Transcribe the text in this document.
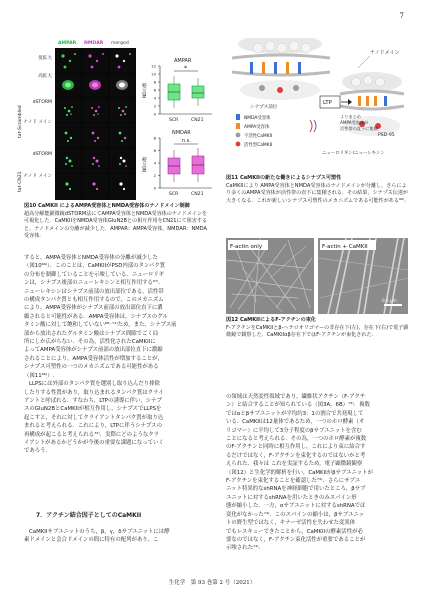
7
AMPAR NMDAR merged
低拡大
高拡大
dSTORM
ナノド メイン
dSTORM
ナノド メイン
tat-Scrambled
tat-CN21
AMPAR
NDの数
0
2
4
6
8
10
12	*
SCR	CN21
NMDAR
NDの数
0
2
4
6
8	n.s.
SCR	CN21
図10 CaMKII によるAMPA受容体とNMDA受容体のナノドメイン制御
超高分解能顕微鏡dSTORM法にてAMPA受容体とNMDA受容体のナノドメインを可視化した．CaMKIIをNMDA受容体GluN2Bとの相互作用をCN21にて阻害すると，ナノドメインの分離が減少した．AMPAR：AMPA受容体，NMDAR：NMDA受容体.
ナノドメイン
LTP
よりまとめ
AMPA受容体が
活性帯の直下に集積
PSD-95
シナプス前位
NMDA受容体
AMPA受容体
不活性CaMKII
活性型CaMKII
ニューロリギン/ニューレキシン
図11 CaMKIIの新たな働きによるシナプス可塑性
CaMKIIにより AMPA受容体とNMDA受容体のナノドメインが分離し，さらにより多くのAMPA受容体が活性帯の直下に集積される．その結果，シナプス伝達が大きくなる．これが新しいシナプス可塑性のメカニズムである可能性がある⁶⁶⁾.
F-actin only	F-actin + CaMKII
0.5 μm
図12 CaMKIIによるF-アクチンの束化
F-アクチンをCaMKIIとβ-ヘテロオリゴマーの非存在下(左)，存在下(右)で電子顕微鏡で観察した．CaMKIIαβ存在下ではF-アクチンが束化された.
すると，AMPA受容体とNMDA受容体の分離が減少した
（図10⁶⁶⁾）．このことは，CaMKIIがPSD内部のタンパク質
の分布を制御していることを示唆している．ニューロリギ
ンは，シナプス後部のニューレキシンと相互作用する⁶⁷⁾．
ニューレキシンはシナプス前部の放出部位である，活性帯
の構成タンパク質とも相互作用するので，このメカニズム
により，AMPA受容体がシナプス前部の放出部位直下に濃
縮されると可能性がある．AMPA受容体は，シナプスのグル
タミン酸に対して飽和していない⁶⁸⁻⁷¹⁾ため，また，シナプス前
部から放出されたグルタミン酸はシナプス間隙でごく局
所にしか広がらない．その為，活性化されたCaMKIIに
よってAMPA受容体がシナプス前部の放出部位直下に濃縮
されることにより，AMPA受容体活性が増加することが，
シナプス可塑性の一つのメカニズムである可能性がある
（図11⁶⁶⁾）.
LLPSには外部のタンパク質を選別し取り込んだり排除
したりする性質があり，取り込まれるタンパク質はクライ
アントと呼ばれる．すなわち，LTPの誘導に伴い，シナプ
スのGluN2BとCaMKIIが相互作用し，シナプスでLLPSを
起こすと，それに対してクライアントタンパク質が取り込
まれると考えられる．これにより，LTPに伴うシナプスの
再構成が起こると考えられる⁷²⁾．実際にどのようなクラ
イアントがあるかどうかが今後の重要な課題になっていく
であろう.
7．アクチン結合因子としてのCaMKII
CaMKIIサブユニットのうち，β，γ，δサブユニットには酵
素ドメインと会合ドメインの間に特有の配列があり，こ
の領域は天然変性領域であり，繊維状アクチン（F-アクチ
ン）と結合することが知られている（図3A，6B）⁷³⁾．複数
ではαとβサブユニットが平均約3：1の割合で共発現して
いる．CaMKIIは12量体であるため，一つのホロ酵素（オ
リゴマー）に平均して3分子程度のβサブユニットを含む
ことになると考えられる．その為，一つのホロ酵素が複数
のF-アクチンと同時に相互作用し，これにより束に結合す
るだけではなく，F-アクチンを束化するのではないかと考
えられた．我々は これを実証するため，電子顕微鏡観察
（図12）と生化学的解析を行い，CaMKIIがβサブユニットが
F-アクチンを束化することを確認した⁷⁴⁾．さらにサブユ
ニット特異的なshRNAを神経細胞で用いたところ，βサブ
ユニットに対するshRNAを用いたときのみスパイン形
態が縮小した．一方，αサブユニットに対するshRNAでは
変化がなかった⁷⁴⁾．このスパインの縮小は，βサブユニッ
トの野生型ではなく，キナーゼ活性を失わせた変異体
でもレスキューできたことから，CaMKIIの酵素活性が必
要なのではなく，F-アクチン束化活性が重要であることが
示唆された⁷⁴⁾.
生化学　第 93 巻第 2 号（2021）
